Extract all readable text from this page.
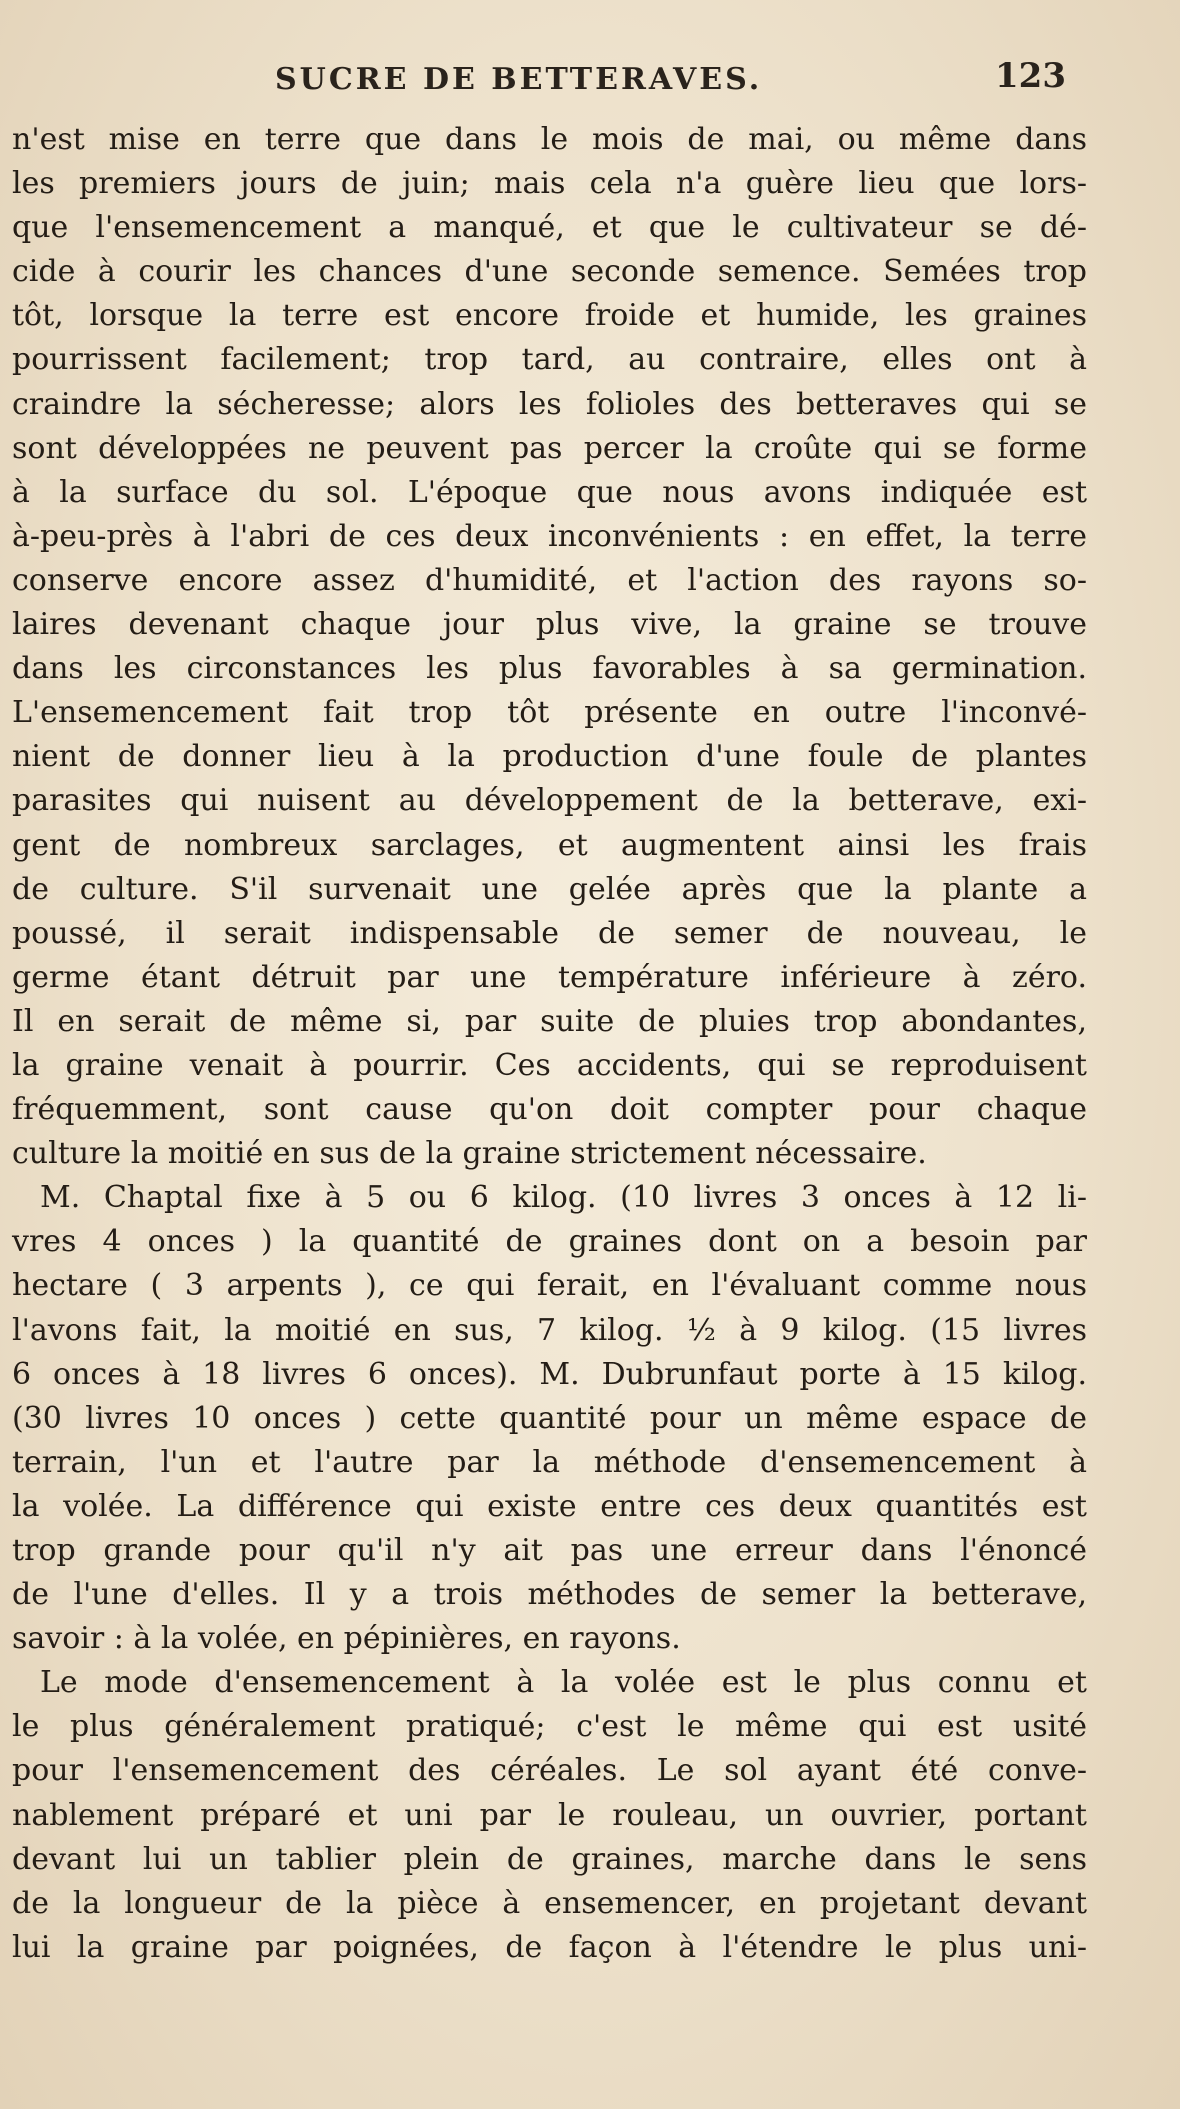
SUCRE DE BETTERAVES.	123
n'est mise en terre que dans le mois de mai, ou même dans
les premiers jours de juin; mais cela n'a guère lieu que lors-
que l'ensemencement a manqué, et que le cultivateur se dé-
cide à courir les chances d'une seconde semence. Semées trop
tôt, lorsque la terre est encore froide et humide, les graines
pourrissent facilement; trop tard, au contraire, elles ont à
craindre la sécheresse; alors les folioles des betteraves qui se
sont développées ne peuvent pas percer la croûte qui se forme
à la surface du sol. L'époque que nous avons indiquée est
à-peu-près à l'abri de ces deux inconvénients : en effet, la terre
conserve encore assez d'humidité, et l'action des rayons so-
laires devenant chaque jour plus vive, la graine se trouve
dans les circonstances les plus favorables à sa germination.
L'ensemencement fait trop tôt présente en outre l'inconvé-
nient de donner lieu à la production d'une foule de plantes
parasites qui nuisent au développement de la betterave, exi-
gent de nombreux sarclages, et augmentent ainsi les frais
de culture. S'il survenait une gelée après que la plante a
poussé, il serait indispensable de semer de nouveau, le
germe étant détruit par une température inférieure à zéro.
Il en serait de même si, par suite de pluies trop abondantes,
la graine venait à pourrir. Ces accidents, qui se reproduisent
fréquemment, sont cause qu'on doit compter pour chaque
culture la moitié en sus de la graine strictement nécessaire.
M. Chaptal fixe à 5 ou 6 kilog. (10 livres 3 onces à 12 li-
vres 4 onces ) la quantité de graines dont on a besoin par
hectare ( 3 arpents ), ce qui ferait, en l'évaluant comme nous
l'avons fait, la moitié en sus, 7 kilog. ½ à 9 kilog. (15 livres
6 onces à 18 livres 6 onces). M. Dubrunfaut porte à 15 kilog.
(30 livres 10 onces ) cette quantité pour un même espace de
terrain, l'un et l'autre par la méthode d'ensemencement à
la volée. La différence qui existe entre ces deux quantités est
trop grande pour qu'il n'y ait pas une erreur dans l'énoncé
de l'une d'elles. Il y a trois méthodes de semer la betterave,
savoir : à la volée, en pépinières, en rayons.
Le mode d'ensemencement à la volée est le plus connu et
le plus généralement pratiqué; c'est le même qui est usité
pour l'ensemencement des céréales. Le sol ayant été conve-
nablement préparé et uni par le rouleau, un ouvrier, portant
devant lui un tablier plein de graines, marche dans le sens
de la longueur de la pièce à ensemencer, en projetant devant
lui la graine par poignées, de façon à l'étendre le plus uni-
